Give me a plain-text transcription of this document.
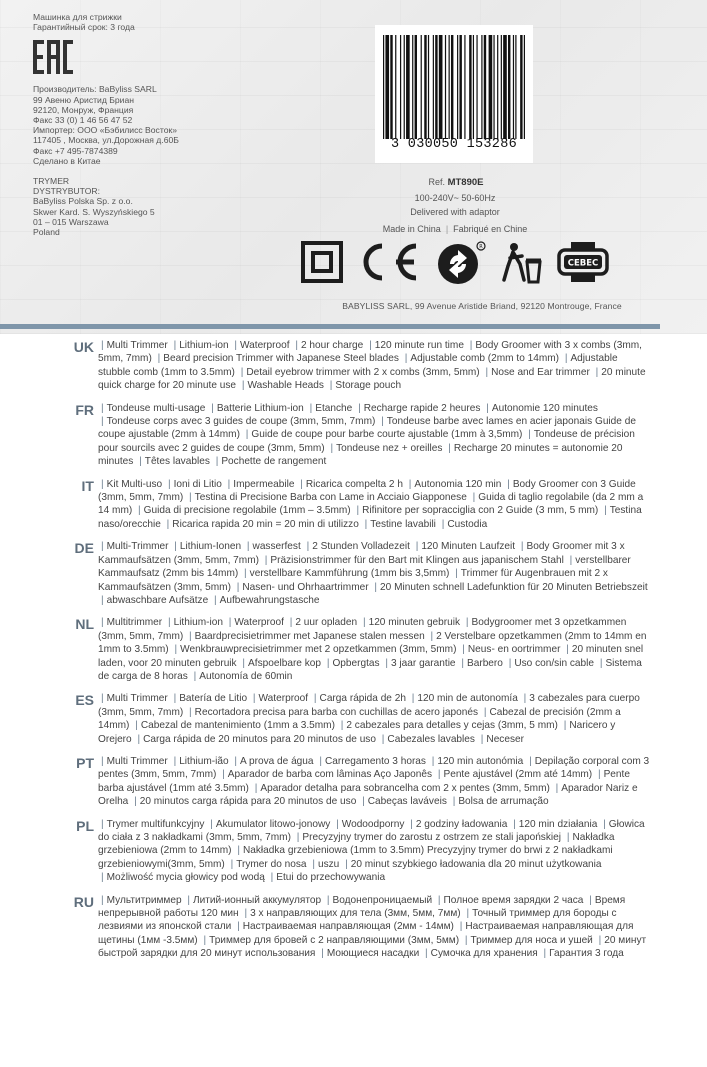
Машинка для стрижки
Гарантийный срок: 3 года
Производитель: BaByliss SARL
99 Авеню Аристид Бриан
92120, Монруж, Франция
Факс 33 (0) 1 46 56 47 52
Импортер: ООО «Бэбилисс Восток»
117405 , Москва, ул.Дорожная д.60Б
Факс +7 495-7874389
Сделано в Китае
TRYMER
DYSTRYBUTOR:
BaByliss Polska Sp. z o.o.
Skwer Kard. S. Wyszyńskiego 5
01 – 015 Warszawa
Poland
3 030050 153286
Ref. MT890E
100-240V~ 50-60Hz
Delivered with adaptor
Made in China | Fabriqué en Chine
R
CEBEC
BABYLISS SARL, 99 Avenue Aristide Briand, 92120 Montrouge, France
UK | Multi Trimmer | Lithium-ion | Waterproof | 2 hour charge | 120 minute run time | Body Groomer with 3 x combs (3mm, 5mm, 7mm) | Beard precision Trimmer with Japanese Steel blades | Adjustable comb (2mm to 14mm) | Adjustable stubble comb (1mm to 3.5mm) | Detail eyebrow trimmer with 2 x combs (3mm, 5mm) | Nose and Ear trimmer | 20 minute quick charge for 20 minute use | Washable Heads | Storage pouch
FR | Tondeuse multi-usage | Batterie Lithium-ion | Etanche | Recharge rapide 2 heures | Autonomie 120 minutes | Tondeuse corps avec 3 guides de coupe (3mm, 5mm, 7mm) | Tondeuse barbe avec lames en acier japonais Guide de coupe ajustable (2mm à 14mm) | Guide de coupe pour barbe courte ajustable (1mm à 3,5mm) | Tondeuse de précision pour sourcils avec 2 guides de coupe (3mm, 5mm) | Tondeuse nez + oreilles | Recharge 20 minutes = autonomie 20 minutes | Têtes lavables | Pochette de rangement
IT | Kit Multi-uso | Ioni di Litio | Impermeabile | Ricarica compelta 2 h | Autonomia 120 min | Body Groomer con 3 Guide (3mm, 5mm, 7mm) | Testina di Precisione Barba con Lame in Acciaio Giapponese | Guida di taglio regolabile (da 2 mm a 14 mm) | Guida di precisione regolabile (1mm – 3.5mm) | Rifinitore per sopracciglia con 2 Guide (3 mm, 5 mm) | Testina naso/orecchie | Ricarica rapida 20 min = 20 min di utilizzo | Testine lavabili | Custodia
DE | Multi-Trimmer | Lithium-Ionen | wasserfest | 2 Stunden Volladezeit | 120 Minuten Laufzeit | Body Groomer mit 3 x Kammaufsätzen (3mm, 5mm, 7mm) | Präzisionstrimmer für den Bart mit Klingen aus japanischem Stahl | verstellbarer Kammaufsatz (2mm bis 14mm) | verstellbare Kammführung (1mm bis 3,5mm) | Trimmer für Augenbrauen mit 2 x Kammaufsätzen (3mm, 5mm) | Nasen- und Ohrhaartrimmer | 20 Minuten schnell Ladefunktion für 20 Minuten Betriebszeit | abwaschbare Aufsätze | Aufbewahrungstasche
NL | Multitrimmer | Lithium-ion | Waterproof | 2 uur opladen | 120 minuten gebruik | Bodygroomer met 3 opzetkammen (3mm, 5mm, 7mm) | Baardprecisietrimmer met Japanese stalen messen | 2 Verstelbare opzetkammen (2mm to 14mm en 1mm to 3.5mm) | Wenkbrauwprecisietrimmer met 2 opzetkammen (3mm, 5mm) | Neus- en oortrimmer | 20 minuten snel laden, voor 20 minuten gebruik | Afspoelbare kop | Opbergtas | 3 jaar garantie | Barbero | Uso con/sin cable | Sistema de carga de 8 horas | Autonomía de 60min
ES | Multi Trimmer | Batería de Litio | Waterproof | Carga rápida de 2h | 120 min de autonomía | 3 cabezales para cuerpo (3mm, 5mm, 7mm) | Recortadora precisa para barba con cuchillas de acero japonés | Cabezal de precisión (2mm a 14mm) | Cabezal de mantenimiento (1mm a 3.5mm) | 2 cabezales para detalles y cejas (3mm, 5 mm) | Naricero y Orejero | Carga rápida de 20 minutos para 20 minutos de uso | Cabezales lavables | Neceser
PT | Multi Trimmer | Lithium-ião | A prova de água | Carregamento 3 horas | 120 min autonómia | Depilação corporal com 3 pentes (3mm, 5mm, 7mm) | Aparador de barba com lâminas Aço Japonês | Pente ajustável (2mm até 14mm) | Pente barba ajustável (1mm até 3.5mm) | Aparador detalha para sobrancelha com 2 x pentes (3mm, 5mm) | Aparador Nariz e Orelha | 20 minutos carga rápida para 20 minutos de uso | Cabeças laváveis | Bolsa de arrumação
PL | Trymer multifunkcyjny | Akumulator litowo-jonowy | Wodoodporny | 2 godziny ładowania | 120 min działania | Głowica do ciała z 3 nakładkami (3mm, 5mm, 7mm) | Precyzyjny trymer do zarostu z ostrzem ze stali japońskiej | Nakładka grzebieniowa (2mm to 14mm) | Nakładka grzebieniowa (1mm to 3.5mm) Precyzyjny trymer do brwi z 2 nakładkami grzebieniowymi(3mm, 5mm) | Trymer do nosa | uszu | 20 minut szybkiego ładowania dla 20 minut użytkowania | Możliwość mycia głowicy pod wodą | Etui do przechowywania
RU | Мультитриммер | Литий-ионный аккумулятор | Водонепроницаемый | Полное время зарядки 2 часа | Время непрерывной работы 120 мин | 3 х направляющих для тела (3мм, 5мм, 7мм) | Точный триммер для бороды с лезвиями из японской стали | Настраиваемая направляющая (2мм - 14мм) | Настраиваемая направляющая для щетины (1мм -3.5мм) | Триммер для бровей с 2 направляющими (3мм, 5мм) | Триммер для носа и ушей | 20 минут быстрой зарядки для 20 минут использования | Моющиеся насадки | Сумочка для хранения | Гарантия 3 года
